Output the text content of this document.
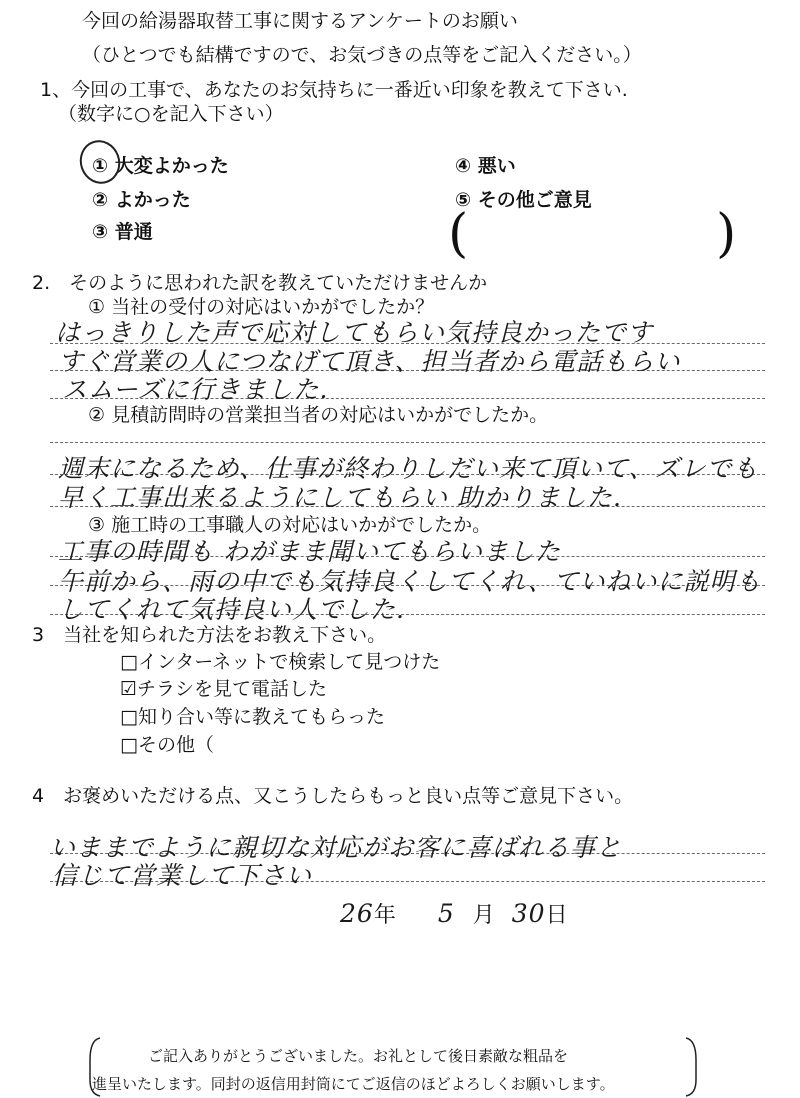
今回の給湯器取替工事に関するアンケートのお願い
（ひとつでも結構ですので、お気づきの点等をご記入ください。）
1、今回の工事で、あなたのお気持ちに一番近い印象を教えて下さい.
（数字に○を記入下さい）
① 大変よかった
② よかった
③ 普通
④ 悪い
⑤ その他ご意見
(	)
2.　そのように思われた訳を教えていただけませんか
① 当社の受付の対応はいかがでしたか？
はっきりした声で応対してもらい気持良かったです
すぐ営業の人につなげて頂き、担当者から電話もらい
スムーズに行きました.
② 見積訪問時の営業担当者の対応はいかがでしたか。
週末になるため、仕事が終わりしだい来て頂いて、ズレでも
早く工事出来るようにしてもらい 助かりました.
③ 施工時の工事職人の対応はいかがでしたか。
工事の時間も わがまま聞いてもらいました
午前から、雨の中でも気持良くしてくれ、ていねいに説明も
してくれて気持良い人でした.
3　当社を知られた方法をお教え下さい。
□インターネットで検索して見つけた
☑チラシを見て電話した
□知り合い等に教えてもらった
□その他（
4　お褒めいただける点、又こうしたらもっと良い点等ご意見下さい。
いままでように親切な対応がお客に喜ばれる事と
信じて営業して下さい
26年 5 月 30日
ご記入ありがとうございました。お礼として後日素敵な粗品を
進呈いたします。同封の返信用封筒にてご返信のほどよろしくお願いします。
